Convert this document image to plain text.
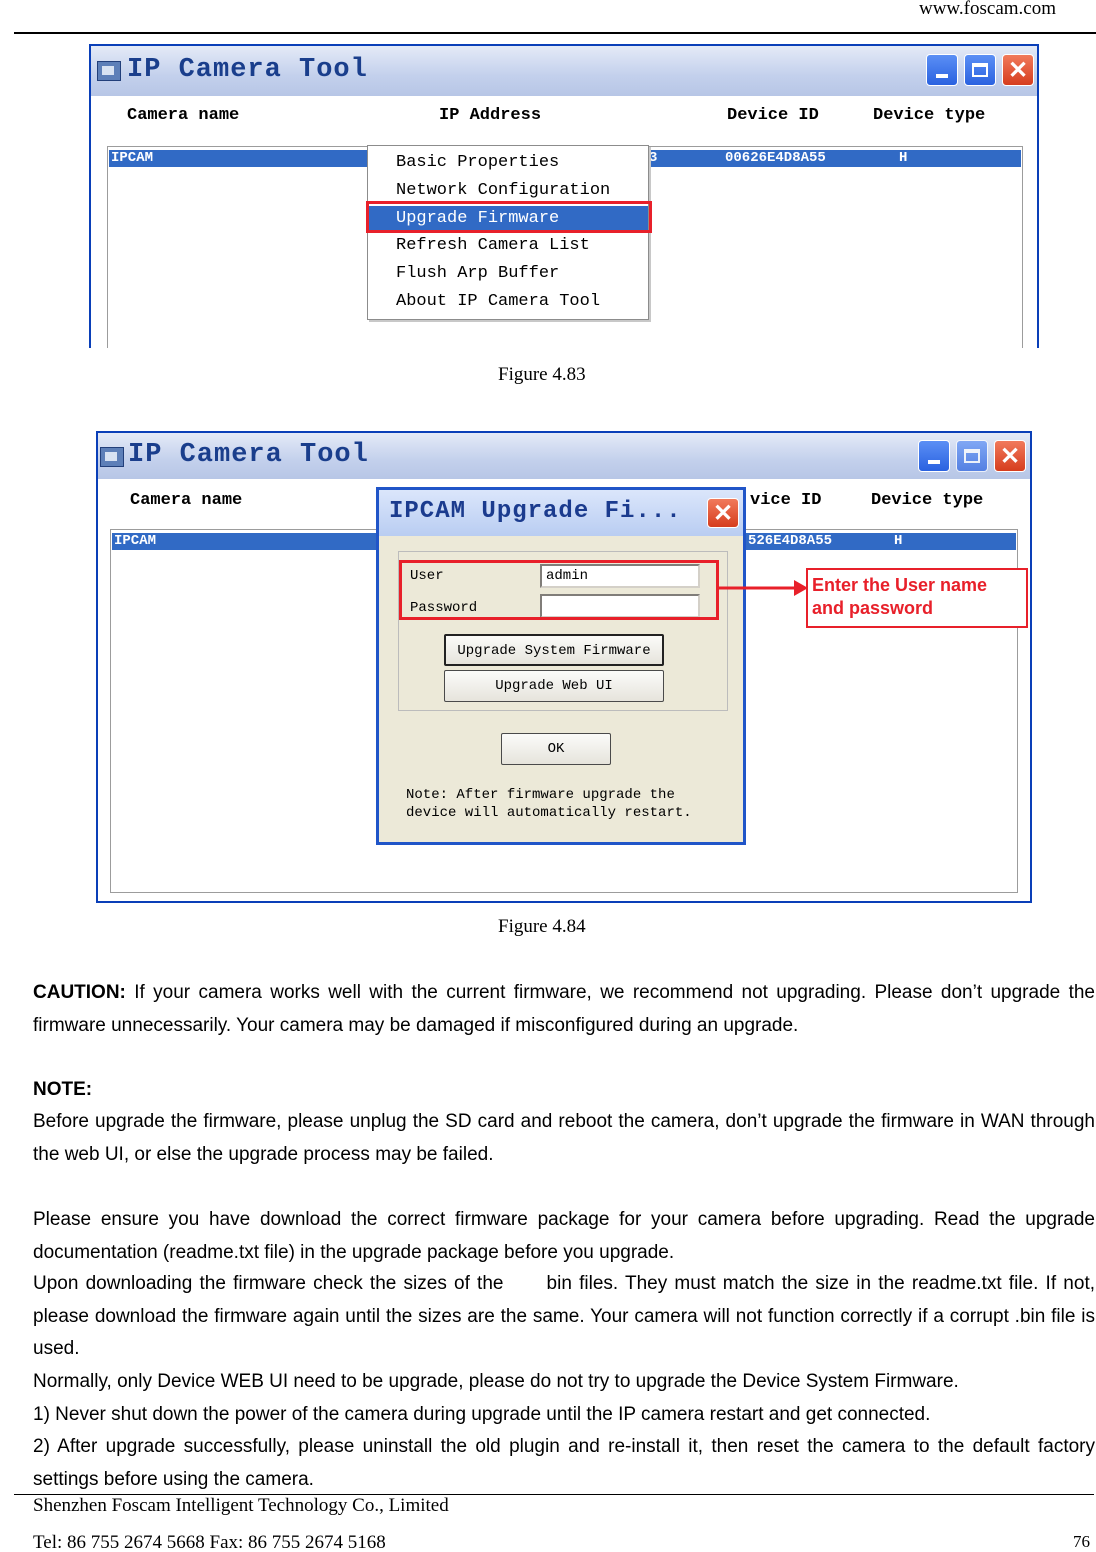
www.foscam.com
IP Camera Tool	✕
Camera name	IP Address	Device ID	Device type
IPCAM	3	00626E4D8A55	H
Basic Properties
Network Configuration
Upgrade Firmware
Refresh Camera List
Flush Arp Buffer
About IP Camera Tool
Figure 4.83
IP Camera Tool	✕
Camera name	vice ID	Device type
IPCAM	526E4D8A55	H
IPCAM Upgrade Fi... ✕
User	admin
Password
Upgrade System Firmware
Upgrade Web UI
OK
Note: After firmware upgrade the
device will automatically restart.
Enter the User name
and password
Figure 4.84
CAUTION: If your camera works well with the current firmware, we recommend not upgrading. Please don’t upgrade the firmware unnecessarily. Your camera may be damaged if misconfigured during an upgrade.
NOTE:
Before upgrade the firmware, please unplug the SD card and reboot the camera, don’t upgrade the firmware in WAN through the web UI, or else the upgrade process may be failed.
Please ensure you have download the correct firmware package for your camera before upgrading. Read the upgrade documentation (readme.txt file) in the upgrade package before you upgrade.
Upon downloading the firmware check the sizes of the      bin files. They must match the size in the readme.txt file. If not, please download the firmware again until the sizes are the same. Your camera will not function correctly if a corrupt .bin file is used.
Normally, only Device WEB UI need to be upgrade, please do not try to upgrade the Device System Firmware.
1) Never shut down the power of the camera during upgrade until the IP camera restart and get connected.
2) After upgrade successfully, please uninstall the old plugin and re-install it, then reset the camera to the default factory settings before using the camera.
Shenzhen Foscam Intelligent Technology Co., Limited
Tel: 86 755 2674 5668 Fax: 86 755 2674 5168	76
